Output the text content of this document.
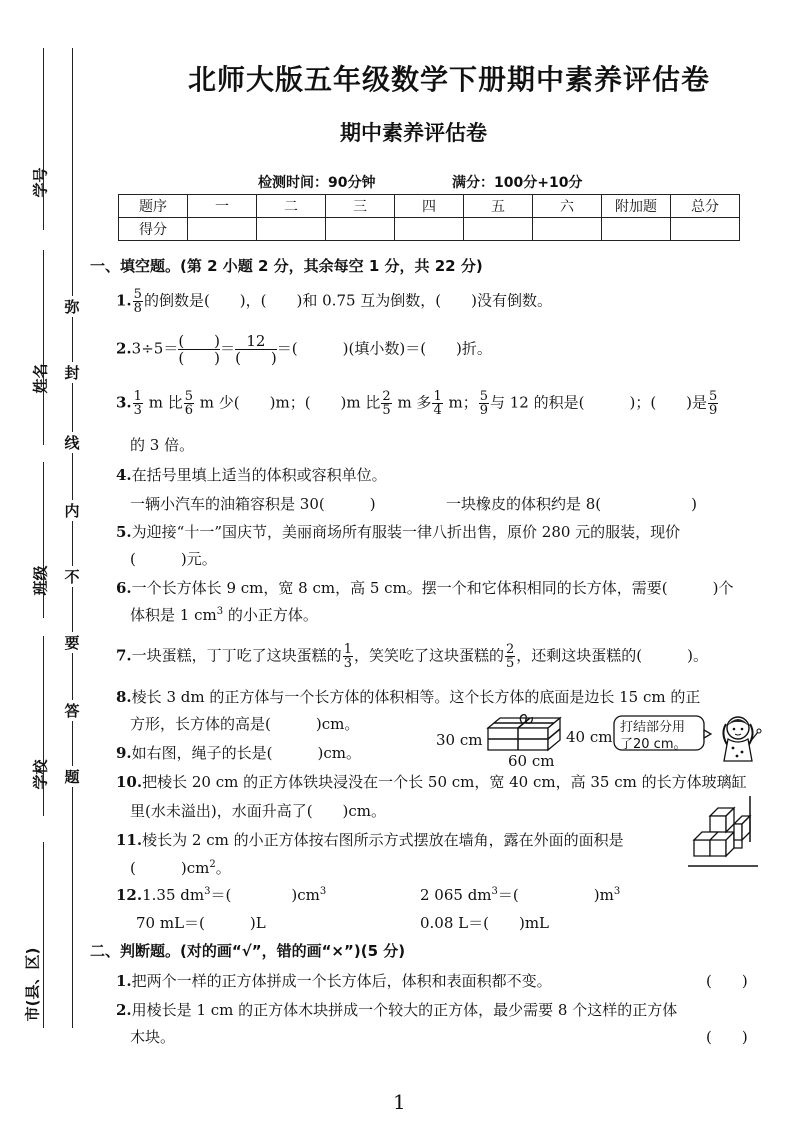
学号
姓名
班级
学校
市(县、区)
弥
封
线
内
不
要
答
题
北师大版五年级数学下册期中素养评估卷
期中素养评估卷
检测时间：90分钟	满分：100分+10分
题序	一	二	三	四	五	六	附加题	总分
得分								
一、填空题。(第 2 小题 2 分，其余每空 1 分，共 22 分)
1. $\frac{5}{8}$ 的倒数是(　　)，(　　)和 0.75 互为倒数，(　　)没有倒数。
2.3÷5＝ (　　)
(　　)
＝ 12
(　　)
＝(　　　)(填小数)＝(　　)折。
3. $\frac{1}{3}$ m 比 $\frac{5}{6}$ m 少(　　)m；(　　)m 比 $\frac{2}{5}$ m 多 $\frac{1}{4}$ m； $\frac{5}{9}$ 与 12 的积是(　　　)；(　　)是 $\frac{5}{9}$
的 3 倍。
4.在括号里填上适当的体积或容积单位。
一辆小汽车的油箱容积是 30(　　　)	一块橡皮的体积约是 8(　　　　　　)
5.为迎接“十一”国庆节，美丽商场所有服装一律八折出售，原价 280 元的服装，现价
(　　　)元。
6.一个长方体长 9 cm，宽 8 cm，高 5 cm。摆一个和它体积相同的长方体，需要(　　　)个
体积是 1 $cm^3$ 的小正方体。
7.一块蛋糕，丁丁吃了这块蛋糕的 $\frac{1}{3}$ ，笑笑吃了这块蛋糕的 $\frac{2}{5}$ ，还剩这块蛋糕的(　　　)。
8.棱长 3 dm 的正方体与一个长方体的体积相等。这个长方体的底面是边长 15 cm 的正
方形，长方体的高是(　　　)cm。
9.如右图，绳子的长是(　　　)cm。
30 cm	40 cm
60 cm
打结部分用
了20 cm。
10.把棱长 20 cm 的正方体铁块浸没在一个长 50 cm，宽 40 cm，高 35 cm 的长方体玻璃缸
里(水未溢出)，水面升高了(　　)cm。
11.棱长为 2 cm 的小正方体按右图所示方式摆放在墙角，露在外面的面积是
(　　　)$cm^2$。
12.1.35 $dm^3=$(　　　　)$cm^3$	2 065 $dm^3=$(　　　　　)$m^3$
70 mL＝(　　　)L	0.08 L＝(　　)mL
二、判断题。(对的画“√”，错的画“×”)(5 分)
1.把两个一样的正方体拼成一个长方体后，体积和表面积都不变。	(　　)
2.用棱长是 1 cm 的正方体木块拼成一个较大的正方体，最少需要 8 个这样的正方体
木块。	(　　)
1
